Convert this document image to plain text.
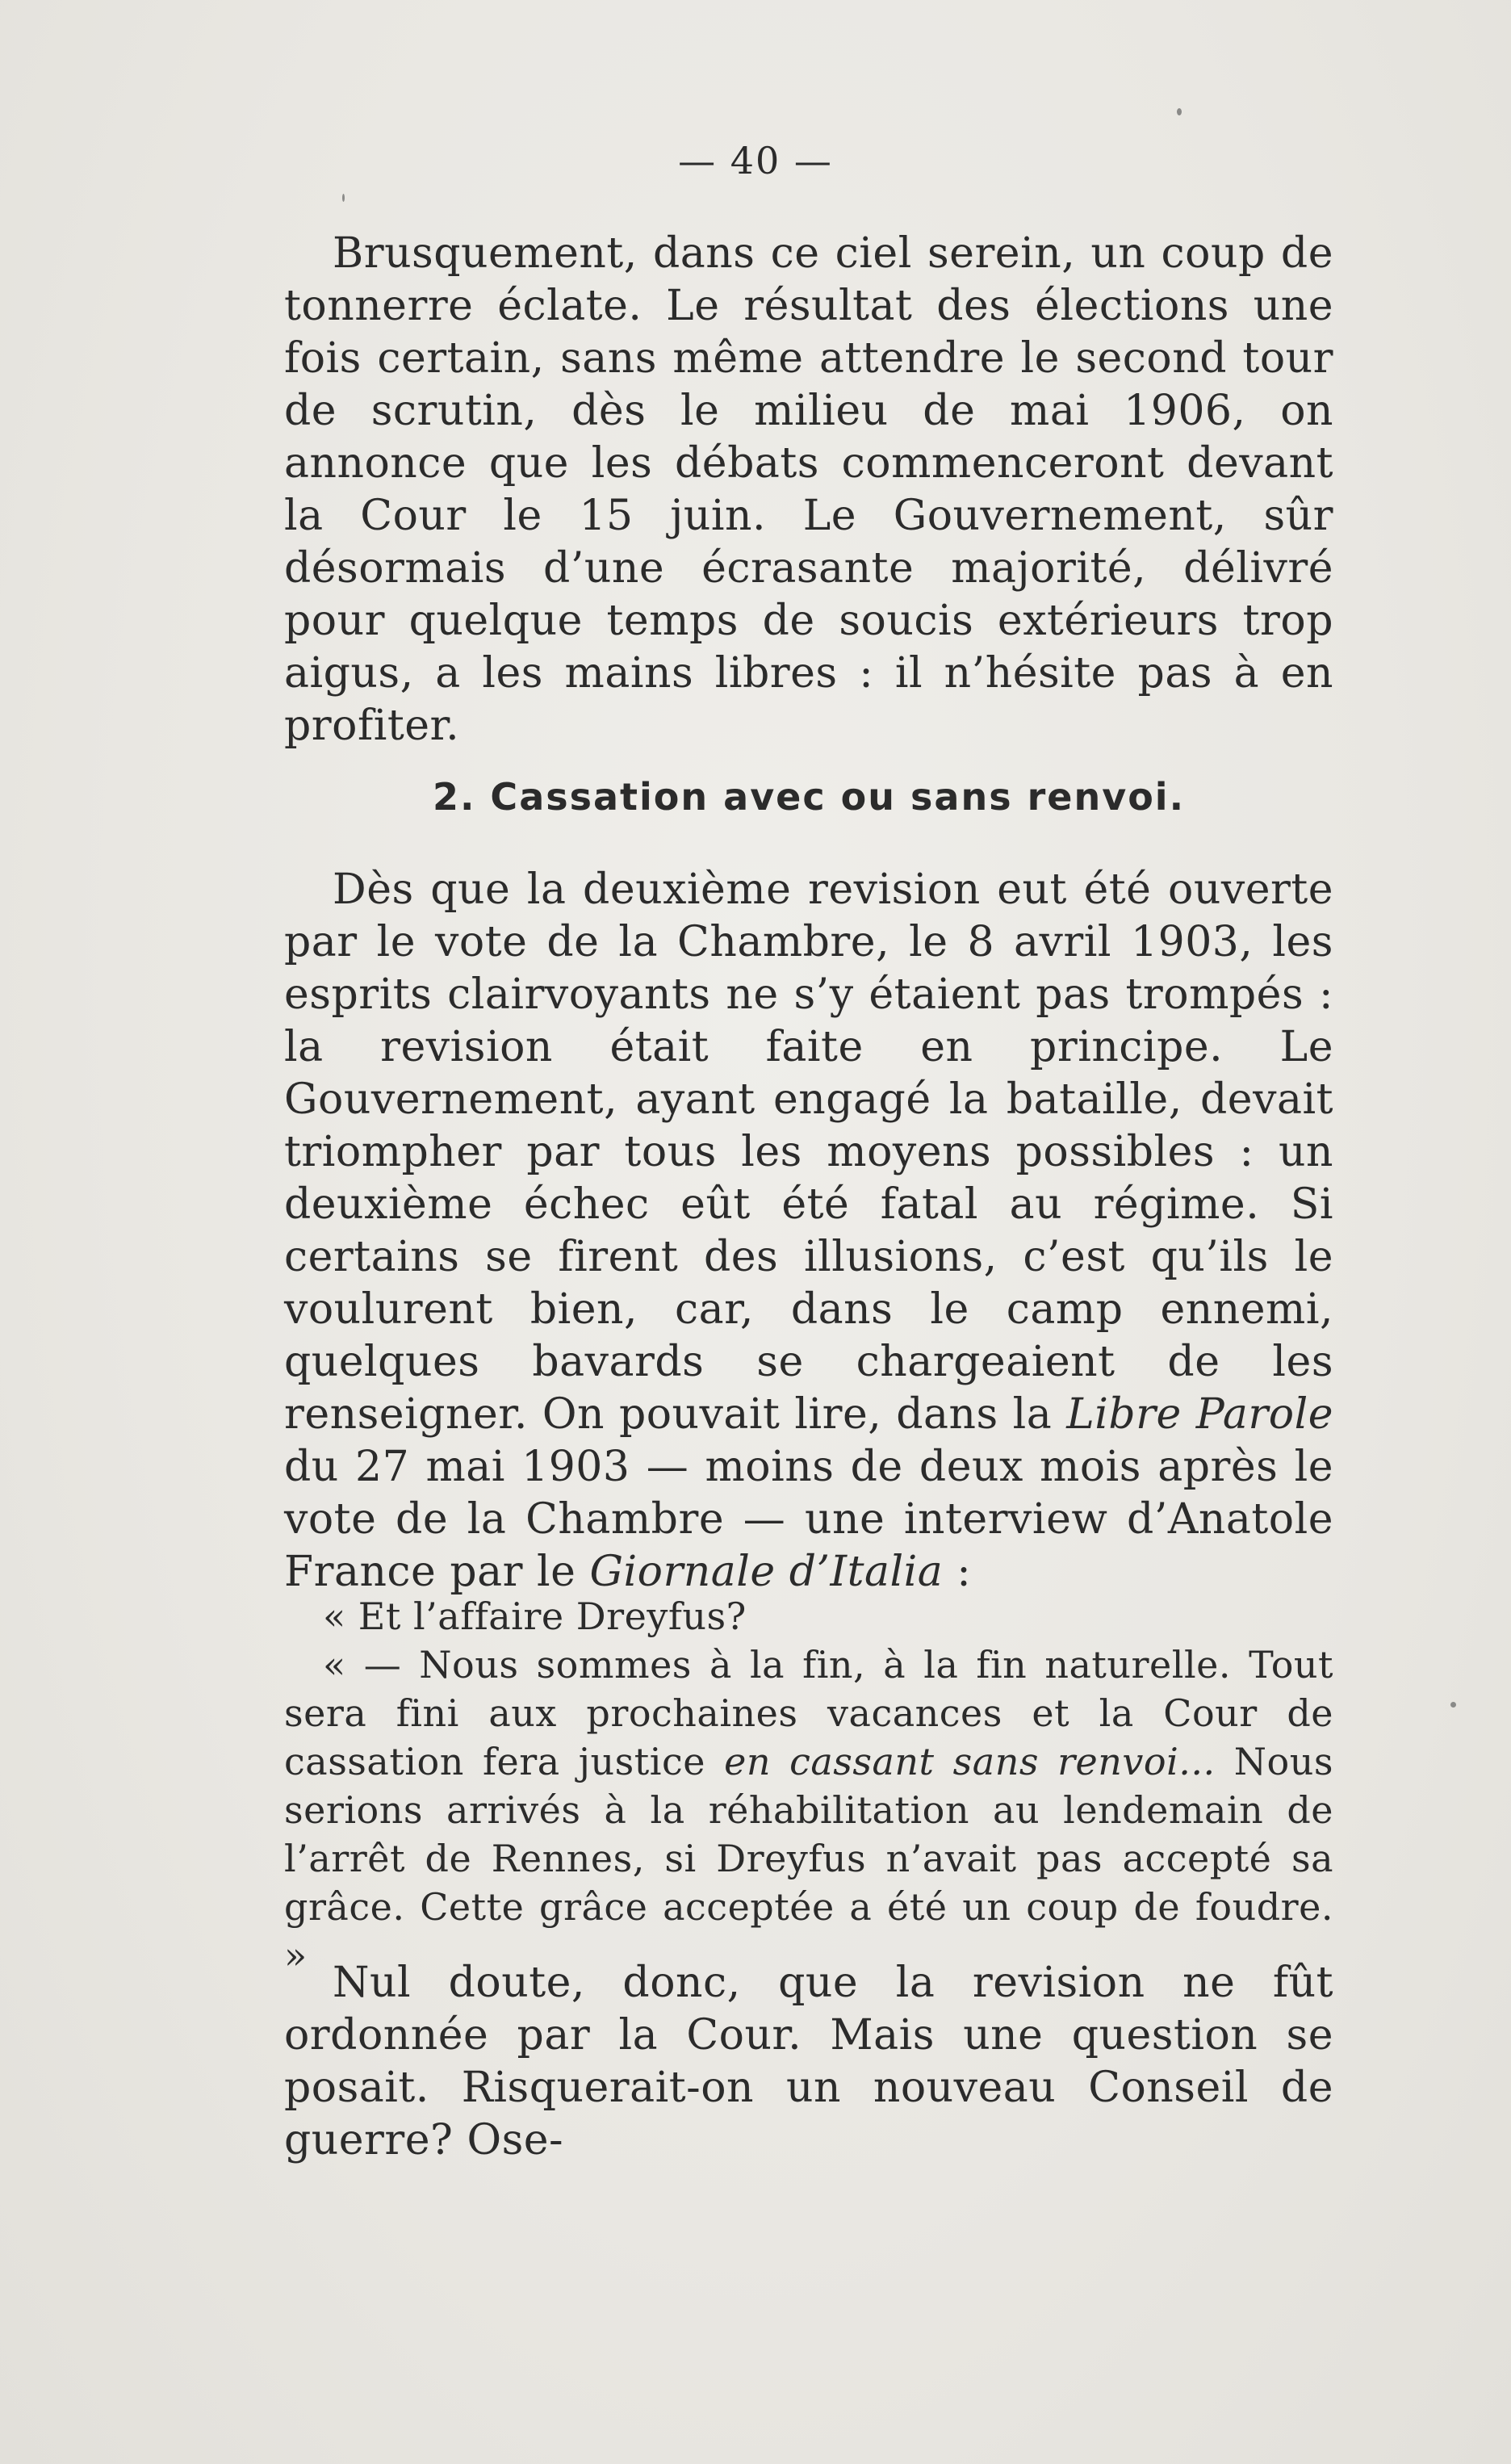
— 40 —

Brusquement, dans ce ciel serein, un coup de tonnerre éclate. Le résultat des élections une fois certain, sans même attendre le second tour de scrutin, dès le milieu de mai 1906, on annonce que les débats commenceront devant la Cour le 15 juin. Le Gouvernement, sûr désormais d’une écrasante majorité, délivré pour quelque temps de soucis extérieurs trop aigus, a les mains libres : il n’hésite pas à en profiter.

2. Cassation avec ou sans renvoi.

Dès que la deuxième revision eut été ouverte par le vote de la Chambre, le 8 avril 1903, les esprits clairvoyants ne s’y étaient pas trompés : la revision était faite en principe. Le Gouvernement, ayant engagé la bataille, devait triompher par tous les moyens possibles : un deuxième échec eût été fatal au régime. Si certains se firent des illusions, c’est qu’ils le voulurent bien, car, dans le camp ennemi, quelques bavards se chargeaient de les renseigner. On pouvait lire, dans la Libre Parole du 27 mai 1903 — moins de deux mois après le vote de la Chambre — une interview d’Anatole France par le Giornale d’Italia :

« Et l’affaire Dreyfus?

« — Nous sommes à la fin, à la fin naturelle. Tout sera fini aux prochaines vacances et la Cour de cassation fera justice en cassant sans renvoi... Nous serions arrivés à la réhabilitation au lendemain de l’arrêt de Rennes, si Dreyfus n’avait pas accepté sa grâce. Cette grâce acceptée a été un coup de foudre. »

Nul doute, donc, que la revision ne fût ordonnée par la Cour. Mais une question se posait. Risquerait-on un nouveau Conseil de guerre? Ose-
